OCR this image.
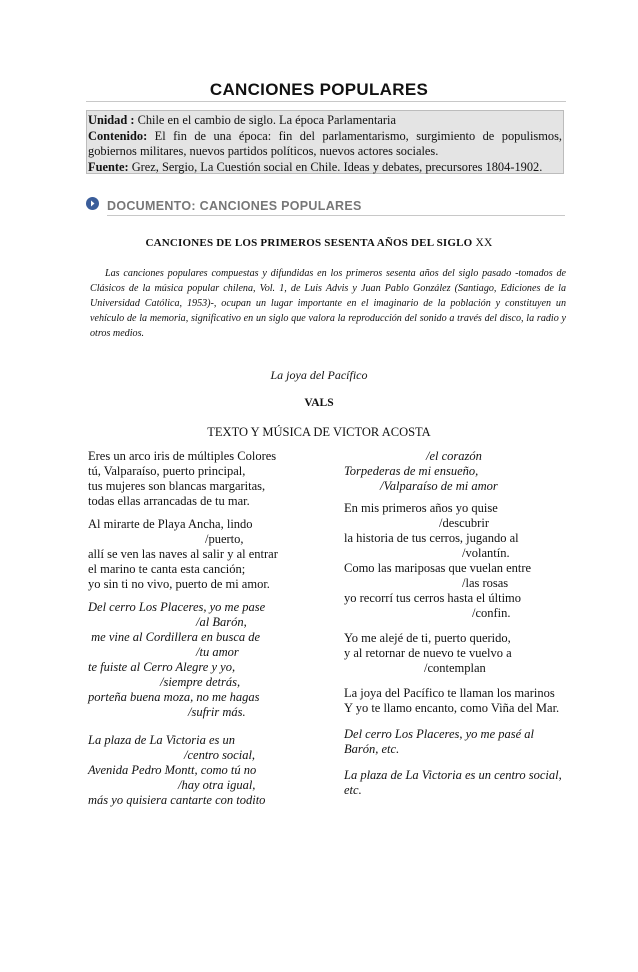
CANCIONES POPULARES
Unidad : Chile en el cambio de siglo. La época Parlamentaria
Contenido: El fin de una época: fin del parlamentarismo, surgimiento de populismos, gobiernos militares, nuevos partidos políticos, nuevos actores sociales.
Fuente: Grez, Sergio, La Cuestión social en Chile. Ideas y debates, precursores 1804-1902.
DOCUMENTO: CANCIONES POPULARES
CANCIONES DE LOS PRIMEROS SESENTA AÑOS DEL SIGLO XX
Las canciones populares compuestas y difundidas en los primeros sesenta años del siglo pasado -tomados de Clásicos de la música popular chilena, Vol. 1, de Luis Advis y Juan Pablo González (Santiago, Ediciones de la Universidad Católica, 1953)-, ocupan un lugar importante en el imaginario de la población y constituyen un vehículo de la memoria, significativo en un siglo que valora la reproducción del sonido a través del disco, la radio y otros medios.
La joya del Pacífico
VALS
TEXTO Y MÚSICA DE VICTOR ACOSTA
Eres un arco iris de múltiples Colores
tú, Valparaíso, puerto principal,
tus mujeres son blancas margaritas,
todas ellas arrancadas de tu mar.
Al mirarte de Playa Ancha, lindo
/puerto,
allí se ven las naves al salir y al entrar
el marino te canta esta canción;
yo sin ti no vivo, puerto de mi amor.
Del cerro Los Placeres, yo me pase
/al Barón,
me vine al Cordillera en busca de
/tu amor
te fuiste al Cerro Alegre y yo,
/siempre detrás,
porteña buena moza, no me hagas
/sufrir más.
La plaza de La Victoria es un
/centro social,
Avenida Pedro Montt, como tú no
/hay otra igual,
más yo quisiera cantarte con todito
/el corazón
Torpederas de mi ensueño,
/Valparaíso de mi amor
En mis primeros años yo quise
/descubrir
la historia de tus cerros, jugando al
/volantín.
Como las mariposas que vuelan entre
/las rosas
yo recorrí tus cerros hasta el último
/confin.
Yo me alejé de ti, puerto querido,
y al retornar de nuevo te vuelvo a
/contemplan
La joya del Pacífico te llaman los marinos
Y yo te llamo encanto, como Viña del Mar.
Del cerro Los Placeres, yo me pasé al
Barón, etc.
La plaza de La Victoria es un centro social,
etc.
